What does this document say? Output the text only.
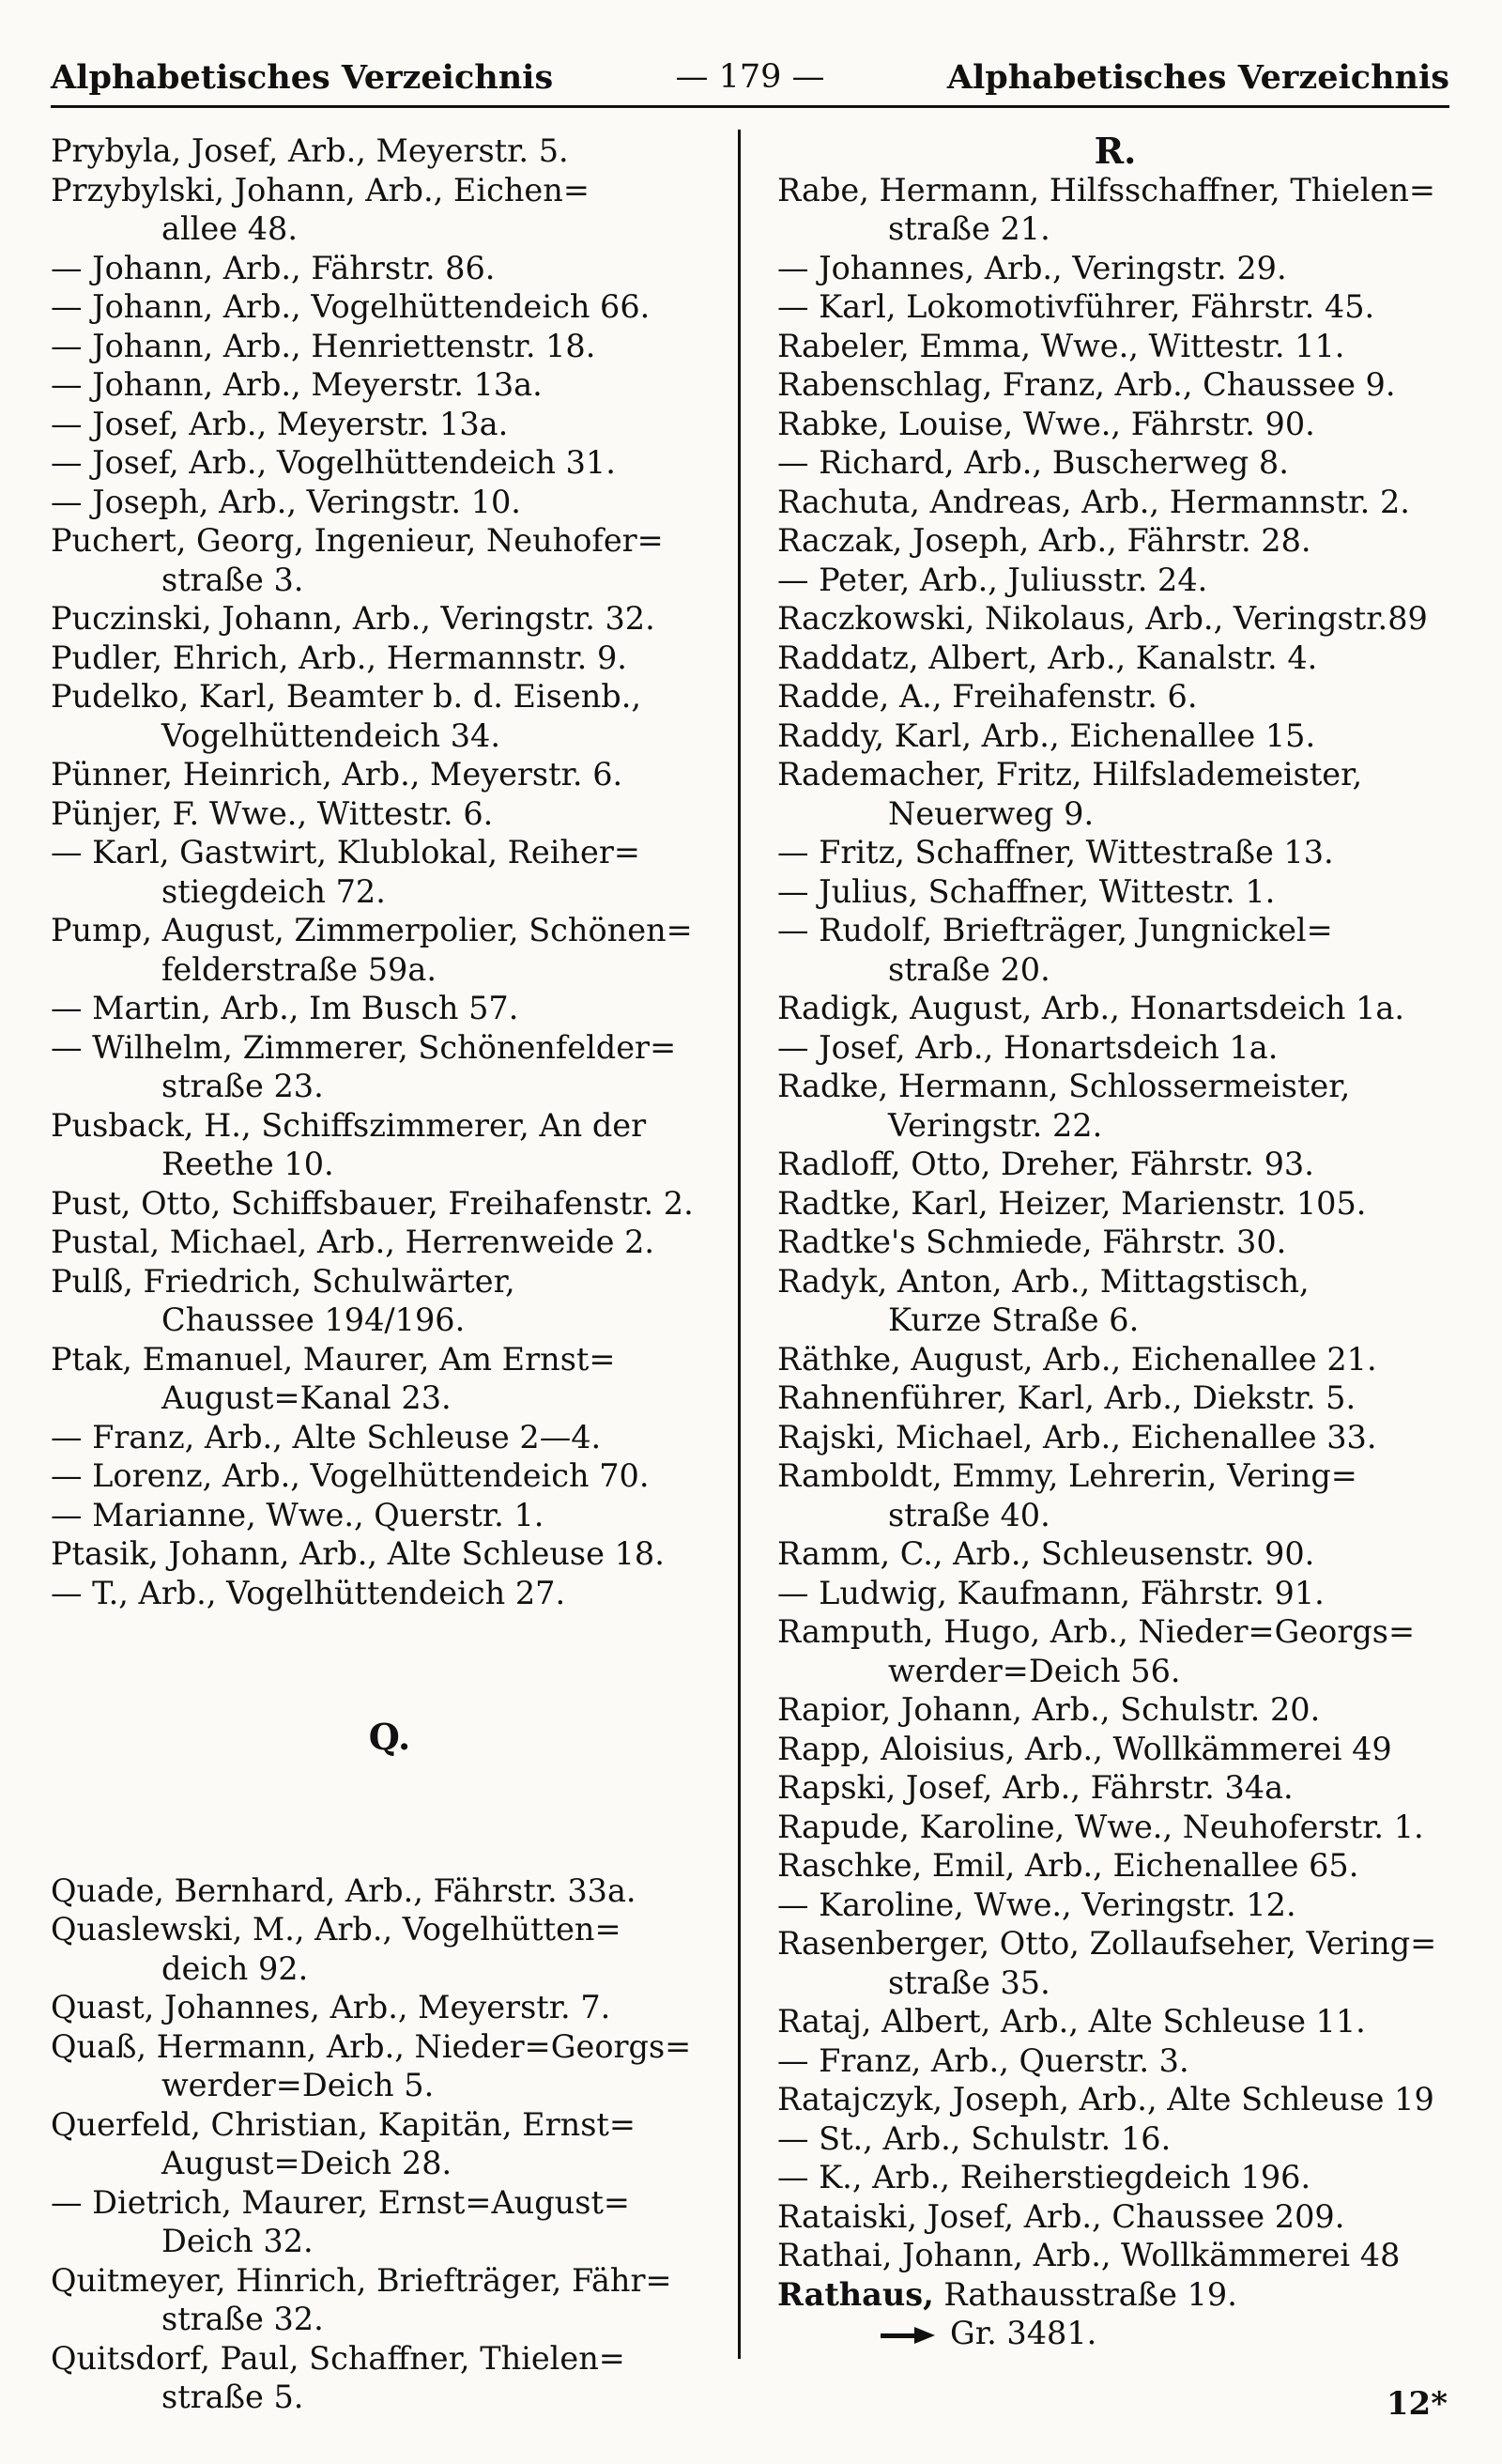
Alphabetisches Verzeichnis	— 179 —	Alphabetisches Verzeichnis
Prybyla, Josef, Arb., Meyerstr. 5.
Przybylski, Johann, Arb., Eichen=
allee 48.
— Johann, Arb., Fährstr. 86.
— Johann, Arb., Vogelhüttendeich 66.
— Johann, Arb., Henriettenstr. 18.
— Johann, Arb., Meyerstr. 13a.
— Josef, Arb., Meyerstr. 13a.
— Josef, Arb., Vogelhüttendeich 31.
— Joseph, Arb., Veringstr. 10.
Puchert, Georg, Ingenieur, Neuhofer=
straße 3.
Puczinski, Johann, Arb., Veringstr. 32.
Pudler, Ehrich, Arb., Hermannstr. 9.
Pudelko, Karl, Beamter b. d. Eisenb.,
Vogelhüttendeich 34.
Pünner, Heinrich, Arb., Meyerstr. 6.
Pünjer, F. Wwe., Wittestr. 6.
— Karl, Gastwirt, Klublokal, Reiher=
stiegdeich 72.
Pump, August, Zimmerpolier, Schönen=
felderstraße 59a.
— Martin, Arb., Im Busch 57.
— Wilhelm, Zimmerer, Schönenfelder=
straße 23.
Pusback, H., Schiffszimmerer, An der
Reethe 10.
Pust, Otto, Schiffsbauer, Freihafenstr. 2.
Pustal, Michael, Arb., Herrenweide 2.
Pulß, Friedrich, Schulwärter,
Chaussee 194/196.
Ptak, Emanuel, Maurer, Am Ernst=
August=Kanal 23.
— Franz, Arb., Alte Schleuse 2—4.
— Lorenz, Arb., Vogelhüttendeich 70.
— Marianne, Wwe., Querstr. 1.
Ptasik, Johann, Arb., Alte Schleuse 18.
— T., Arb., Vogelhüttendeich 27.
Q.
Quade, Bernhard, Arb., Fährstr. 33a.
Quaslewski, M., Arb., Vogelhütten=
deich 92.
Quast, Johannes, Arb., Meyerstr. 7.
Quaß, Hermann, Arb., Nieder=Georgs=
werder=Deich 5.
Querfeld, Christian, Kapitän, Ernst=
August=Deich 28.
— Dietrich, Maurer, Ernst=August=
Deich 32.
Quitmeyer, Hinrich, Briefträger, Fähr=
straße 32.
Quitsdorf, Paul, Schaffner, Thielen=
straße 5.
R.
Rabe, Hermann, Hilfsschaffner, Thielen=
straße 21.
— Johannes, Arb., Veringstr. 29.
— Karl, Lokomotivführer, Fährstr. 45.
Rabeler, Emma, Wwe., Wittestr. 11.
Rabenschlag, Franz, Arb., Chaussee 9.
Rabke, Louise, Wwe., Fährstr. 90.
— Richard, Arb., Buscherweg 8.
Rachuta, Andreas, Arb., Hermannstr. 2.
Raczak, Joseph, Arb., Fährstr. 28.
— Peter, Arb., Juliusstr. 24.
Raczkowski, Nikolaus, Arb., Veringstr.89
Raddatz, Albert, Arb., Kanalstr. 4.
Radde, A., Freihafenstr. 6.
Raddy, Karl, Arb., Eichenallee 15.
Rademacher, Fritz, Hilfslademeister,
Neuerweg 9.
— Fritz, Schaffner, Wittestraße 13.
— Julius, Schaffner, Wittestr. 1.
— Rudolf, Briefträger, Jungnickel=
straße 20.
Radigk, August, Arb., Honartsdeich 1a.
— Josef, Arb., Honartsdeich 1a.
Radke, Hermann, Schlossermeister,
Veringstr. 22.
Radloff, Otto, Dreher, Fährstr. 93.
Radtke, Karl, Heizer, Marienstr. 105.
Radtke's Schmiede, Fährstr. 30.
Radyk, Anton, Arb., Mittagstisch,
Kurze Straße 6.
Räthke, August, Arb., Eichenallee 21.
Rahnenführer, Karl, Arb., Diekstr. 5.
Rajski, Michael, Arb., Eichenallee 33.
Ramboldt, Emmy, Lehrerin, Vering=
straße 40.
Ramm, C., Arb., Schleusenstr. 90.
— Ludwig, Kaufmann, Fährstr. 91.
Ramputh, Hugo, Arb., Nieder=Georgs=
werder=Deich 56.
Rapior, Johann, Arb., Schulstr. 20.
Rapp, Aloisius, Arb., Wollkämmerei 49
Rapski, Josef, Arb., Fährstr. 34a.
Rapude, Karoline, Wwe., Neuhoferstr. 1.
Raschke, Emil, Arb., Eichenallee 65.
— Karoline, Wwe., Veringstr. 12.
Rasenberger, Otto, Zollaufseher, Vering=
straße 35.
Rataj, Albert, Arb., Alte Schleuse 11.
— Franz, Arb., Querstr. 3.
Ratajczyk, Joseph, Arb., Alte Schleuse 19
— St., Arb., Schulstr. 16.
— K., Arb., Reiherstiegdeich 196.
Rataiski, Josef, Arb., Chaussee 209.
Rathai, Johann, Arb., Wollkämmerei 48
Rathaus, Rathausstraße 19.
Gr. 3481.
12*
